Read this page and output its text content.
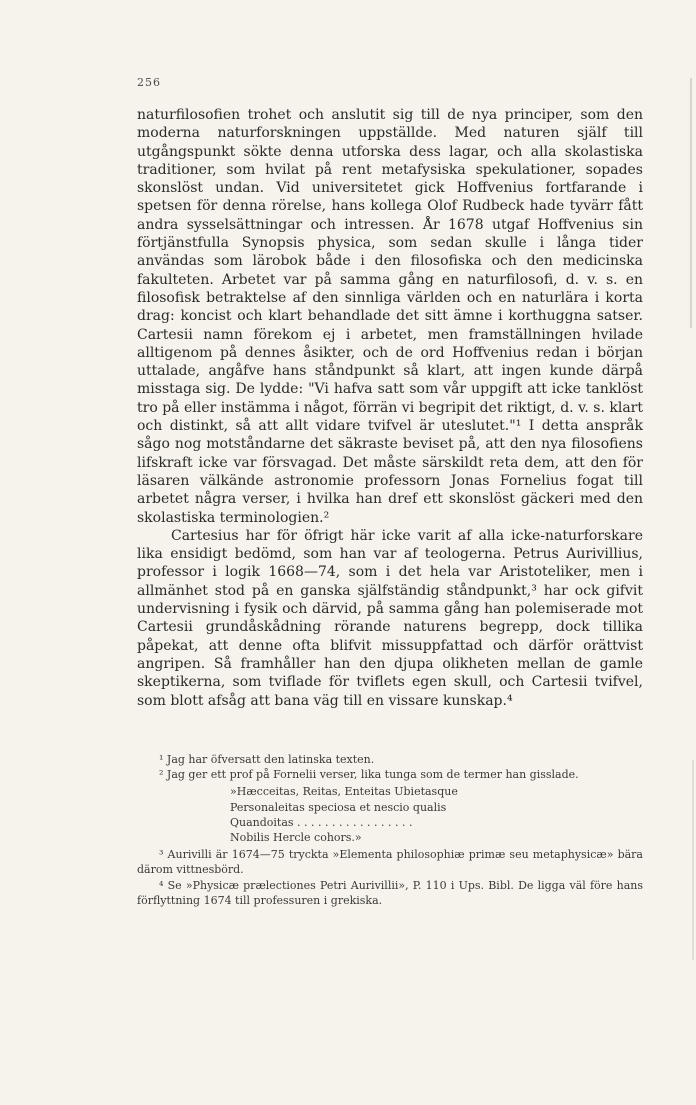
256

naturfilosofien trohet och anslutit sig till de nya principer, som den moderna naturforskningen uppställde. Med naturen själf till utgångspunkt sökte denna utforska dess lagar, och alla skolastiska traditioner, som hvilat på rent metafysiska spekulationer, sopades skonslöst undan. Vid universitetet gick Hoffvenius fortfarande i spetsen för denna rörelse, hans kollega Olof Rudbeck hade tyvärr fått andra sysselsättningar och intressen. År 1678 utgaf Hoffvenius sin förtjänstfulla Synopsis physica, som sedan skulle i långa tider användas som lärobok både i den filosofiska och den medicinska fakulteten. Arbetet var på samma gång en naturfilosofi, d. v. s. en filosofisk betraktelse af den sinnliga världen och en naturlära i korta drag: koncist och klart behandlade det sitt ämne i korthuggna satser. Cartesii namn förekom ej i arbetet, men framställningen hvilade alltigenom på dennes åsikter, och de ord Hoffvenius redan i början uttalade, angåfve hans ståndpunkt så klart, att ingen kunde därpå misstaga sig. De lydde: "Vi hafva satt som vår uppgift att icke tanklöst tro på eller instämma i något, förrän vi begripit det riktigt, d. v. s. klart och distinkt, så att allt vidare tvifvel är uteslutet."¹ I detta anspråk sågo nog motståndarne det säkraste beviset på, att den nya filosofiens lifskraft icke var försvagad. Det måste särskildt reta dem, att den för läsaren välkände astronomie professorn Jonas Fornelius fogat till arbetet några verser, i hvilka han dref ett skonslöst gäckeri med den skolastiska terminologien.²

Cartesius har för öfrigt här icke varit af alla icke-naturforskare lika ensidigt bedömd, som han var af teologerna. Petrus Aurivillius, professor i logik 1668—74, som i det hela var Aristoteliker, men i allmänhet stod på en ganska själfständig ståndpunkt,³ har ock gifvit undervisning i fysik och därvid, på samma gång han polemiserade mot Cartesii grundåskådning rörande naturens begrepp, dock tillika påpekat, att denne ofta blifvit missuppfattad och därför orättvist angripen. Så framhåller han den djupa olikheten mellan de gamle skeptikerna, som tviflade för tviflets egen skull, och Cartesii tvifvel, som blott afsåg att bana väg till en vissare kunskap.⁴

¹ Jag har öfversatt den latinska texten.

² Jag ger ett prof på Fornelii verser, lika tunga som de termer han gisslade.

»Hæcceitas, Reitas, Enteitas Ubietasque
Personaleitas speciosa et nescio qualis
Quandoitas . . . . . . . . . . . . . . . . .
Nobilis Hercle cohors.»

³ Aurivilli är 1674—75 tryckta »Elementa philosophiæ primæ seu metaphysicæ» bära därom vittnesbörd.

⁴ Se »Physicæ prælectiones Petri Aurivillii», P. 110 i Ups. Bibl. De ligga väl före hans förflyttning 1674 till professuren i grekiska.
